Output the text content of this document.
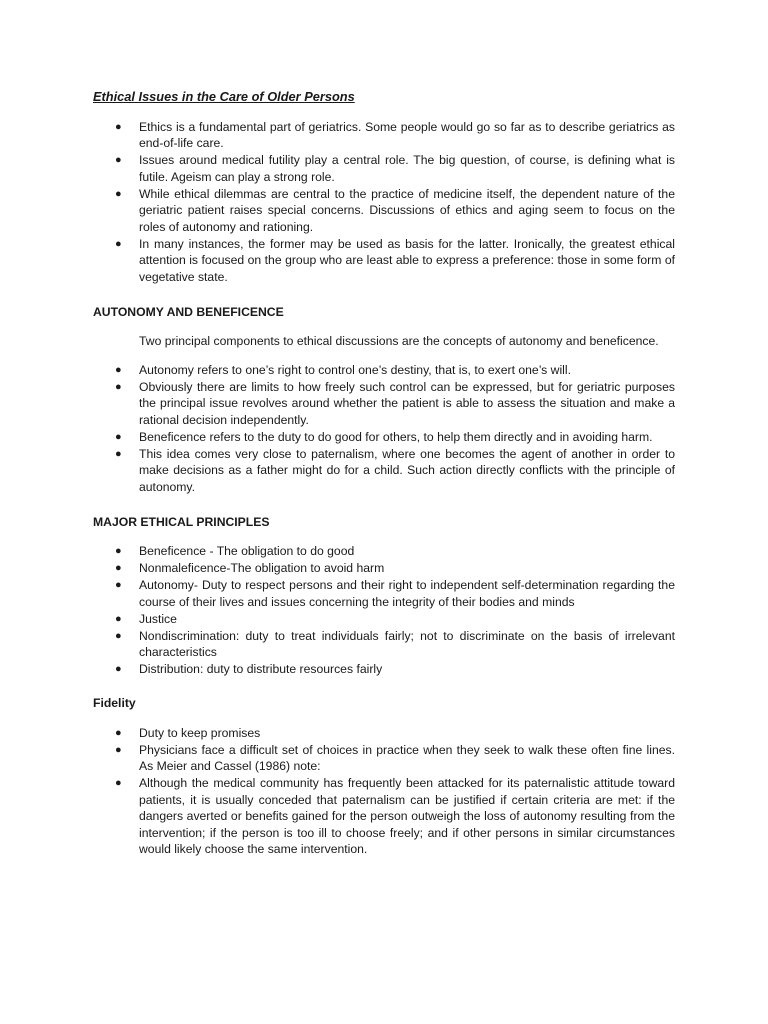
Ethical Issues in the Care of Older Persons
● Ethics is a fundamental part of geriatrics. Some people would go so far as to describe geriatrics as end-of-life care.
● Issues around medical futility play a central role. The big question, of course, is defining what is futile. Ageism can play a strong role.
● While ethical dilemmas are central to the practice of medicine itself, the dependent nature of the geriatric patient raises special concerns. Discussions of ethics and aging seem to focus on the roles of autonomy and rationing.
● In many instances, the former may be used as basis for the latter. Ironically, the greatest ethical attention is focused on the group who are least able to express a preference: those in some form of vegetative state.
AUTONOMY AND BENEFICENCE
Two principal components to ethical discussions are the concepts of autonomy and beneficence.
● Autonomy refers to one’s right to control one’s destiny, that is, to exert one’s will.
● Obviously there are limits to how freely such control can be expressed, but for geriatric purposes the principal issue revolves around whether the patient is able to assess the situation and make a rational decision independently.
● Beneficence refers to the duty to do good for others, to help them directly and in avoiding harm.
● This idea comes very close to paternalism, where one becomes the agent of another in order to make decisions as a father might do for a child. Such action directly conflicts with the principle of autonomy.
MAJOR ETHICAL PRINCIPLES
● Beneficence - The obligation to do good
● Nonmaleficence-The obligation to avoid harm
● Autonomy- Duty to respect persons and their right to independent self-determination regarding the course of their lives and issues concerning the integrity of their bodies and minds
● Justice
● Nondiscrimination: duty to treat individuals fairly; not to discriminate on the basis of irrelevant characteristics
● Distribution: duty to distribute resources fairly
Fidelity
● Duty to keep promises
● Physicians face a difficult set of choices in practice when they seek to walk these often fine lines. As Meier and Cassel (1986) note:
● Although the medical community has frequently been attacked for its paternalistic attitude toward patients, it is usually conceded that paternalism can be justified if certain criteria are met: if the dangers averted or benefits gained for the person outweigh the loss of autonomy resulting from the intervention; if the person is too ill to choose freely; and if other persons in similar circumstances would likely choose the same intervention.
